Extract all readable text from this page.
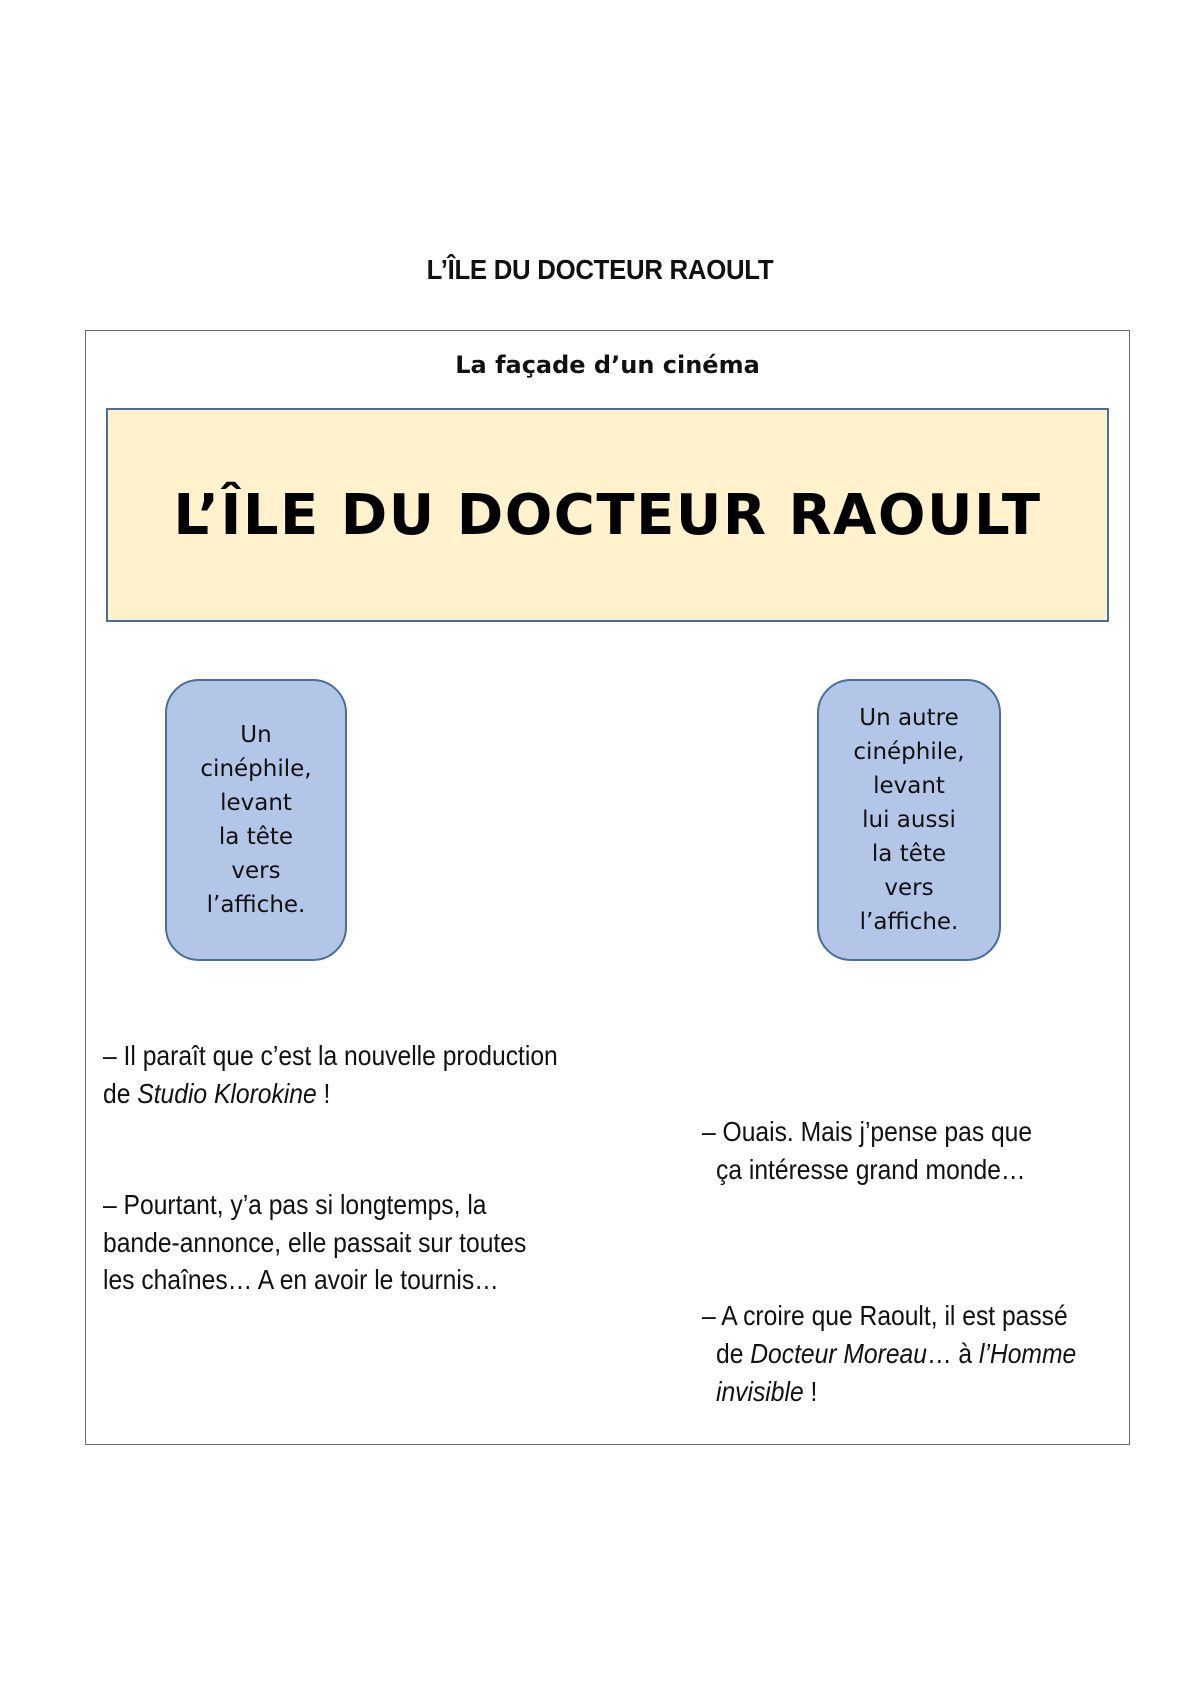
L’ÎLE DU DOCTEUR RAOULT
La façade d’un cinéma
L’ÎLE DU DOCTEUR RAOULT
Un
cinéphile,
levant
la tête
vers
l’affiche.
Un autre
cinéphile,
levant
lui aussi
la tête
vers
l’affiche.
– Il paraît que c’est la nouvelle production
de Studio Klorokine !
– Pourtant, y’a pas si longtemps, la
bande-annonce, elle passait sur toutes
les chaînes… A en avoir le tournis…
– Ouais. Mais j’pense pas que
ça intéresse grand monde…
– A croire que Raoult, il est passé
de Docteur Moreau… à l’Homme
invisible !
